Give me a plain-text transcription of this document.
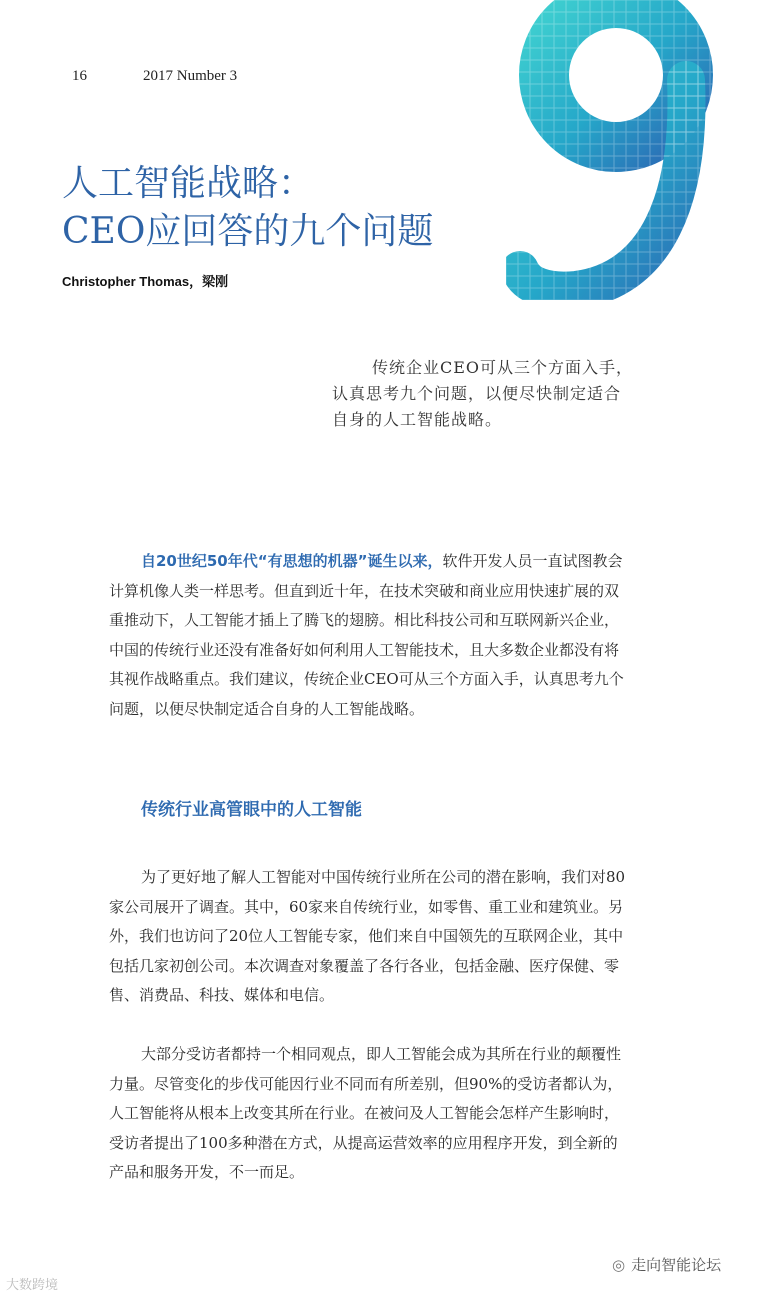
16	2017 Number 3
人工智能战略：
CEO应回答的九个问题
Christopher Thomas，梁刚

传统企业CEO可从三个方面入手，
认真思考九个问题，以便尽快制定适合
自身的人工智能战略。

自20世纪50年代“有思想的机器”诞生以来，软件开发人员一直试图教会
计算机像人类一样思考。但直到近十年，在技术突破和商业应用快速扩展的双
重推动下，人工智能才插上了腾飞的翅膀。相比科技公司和互联网新兴企业，
中国的传统行业还没有准备好如何利用人工智能技术，且大多数企业都没有将
其视作战略重点。我们建议，传统企业CEO可从三个方面入手，认真思考九个
问题，以便尽快制定适合自身的人工智能战略。

传统行业高管眼中的人工智能

为了更好地了解人工智能对中国传统行业所在公司的潜在影响，我们对80
家公司展开了调查。其中，60家来自传统行业，如零售、重工业和建筑业。另
外，我们也访问了20位人工智能专家，他们来自中国领先的互联网企业，其中
包括几家初创公司。本次调查对象覆盖了各行各业，包括金融、医疗保健、零
售、消费品、科技、媒体和电信。

大部分受访者都持一个相同观点，即人工智能会成为其所在行业的颠覆性
力量。尽管变化的步伐可能因行业不同而有所差别，但90%的受访者都认为，
人工智能将从根本上改变其所在行业。在被问及人工智能会怎样产生影响时，
受访者提出了100多种潜在方式，从提高运营效率的应用程序开发，到全新的
产品和服务开发，不一而足。

◎ 走向智能论坛
大数跨境
